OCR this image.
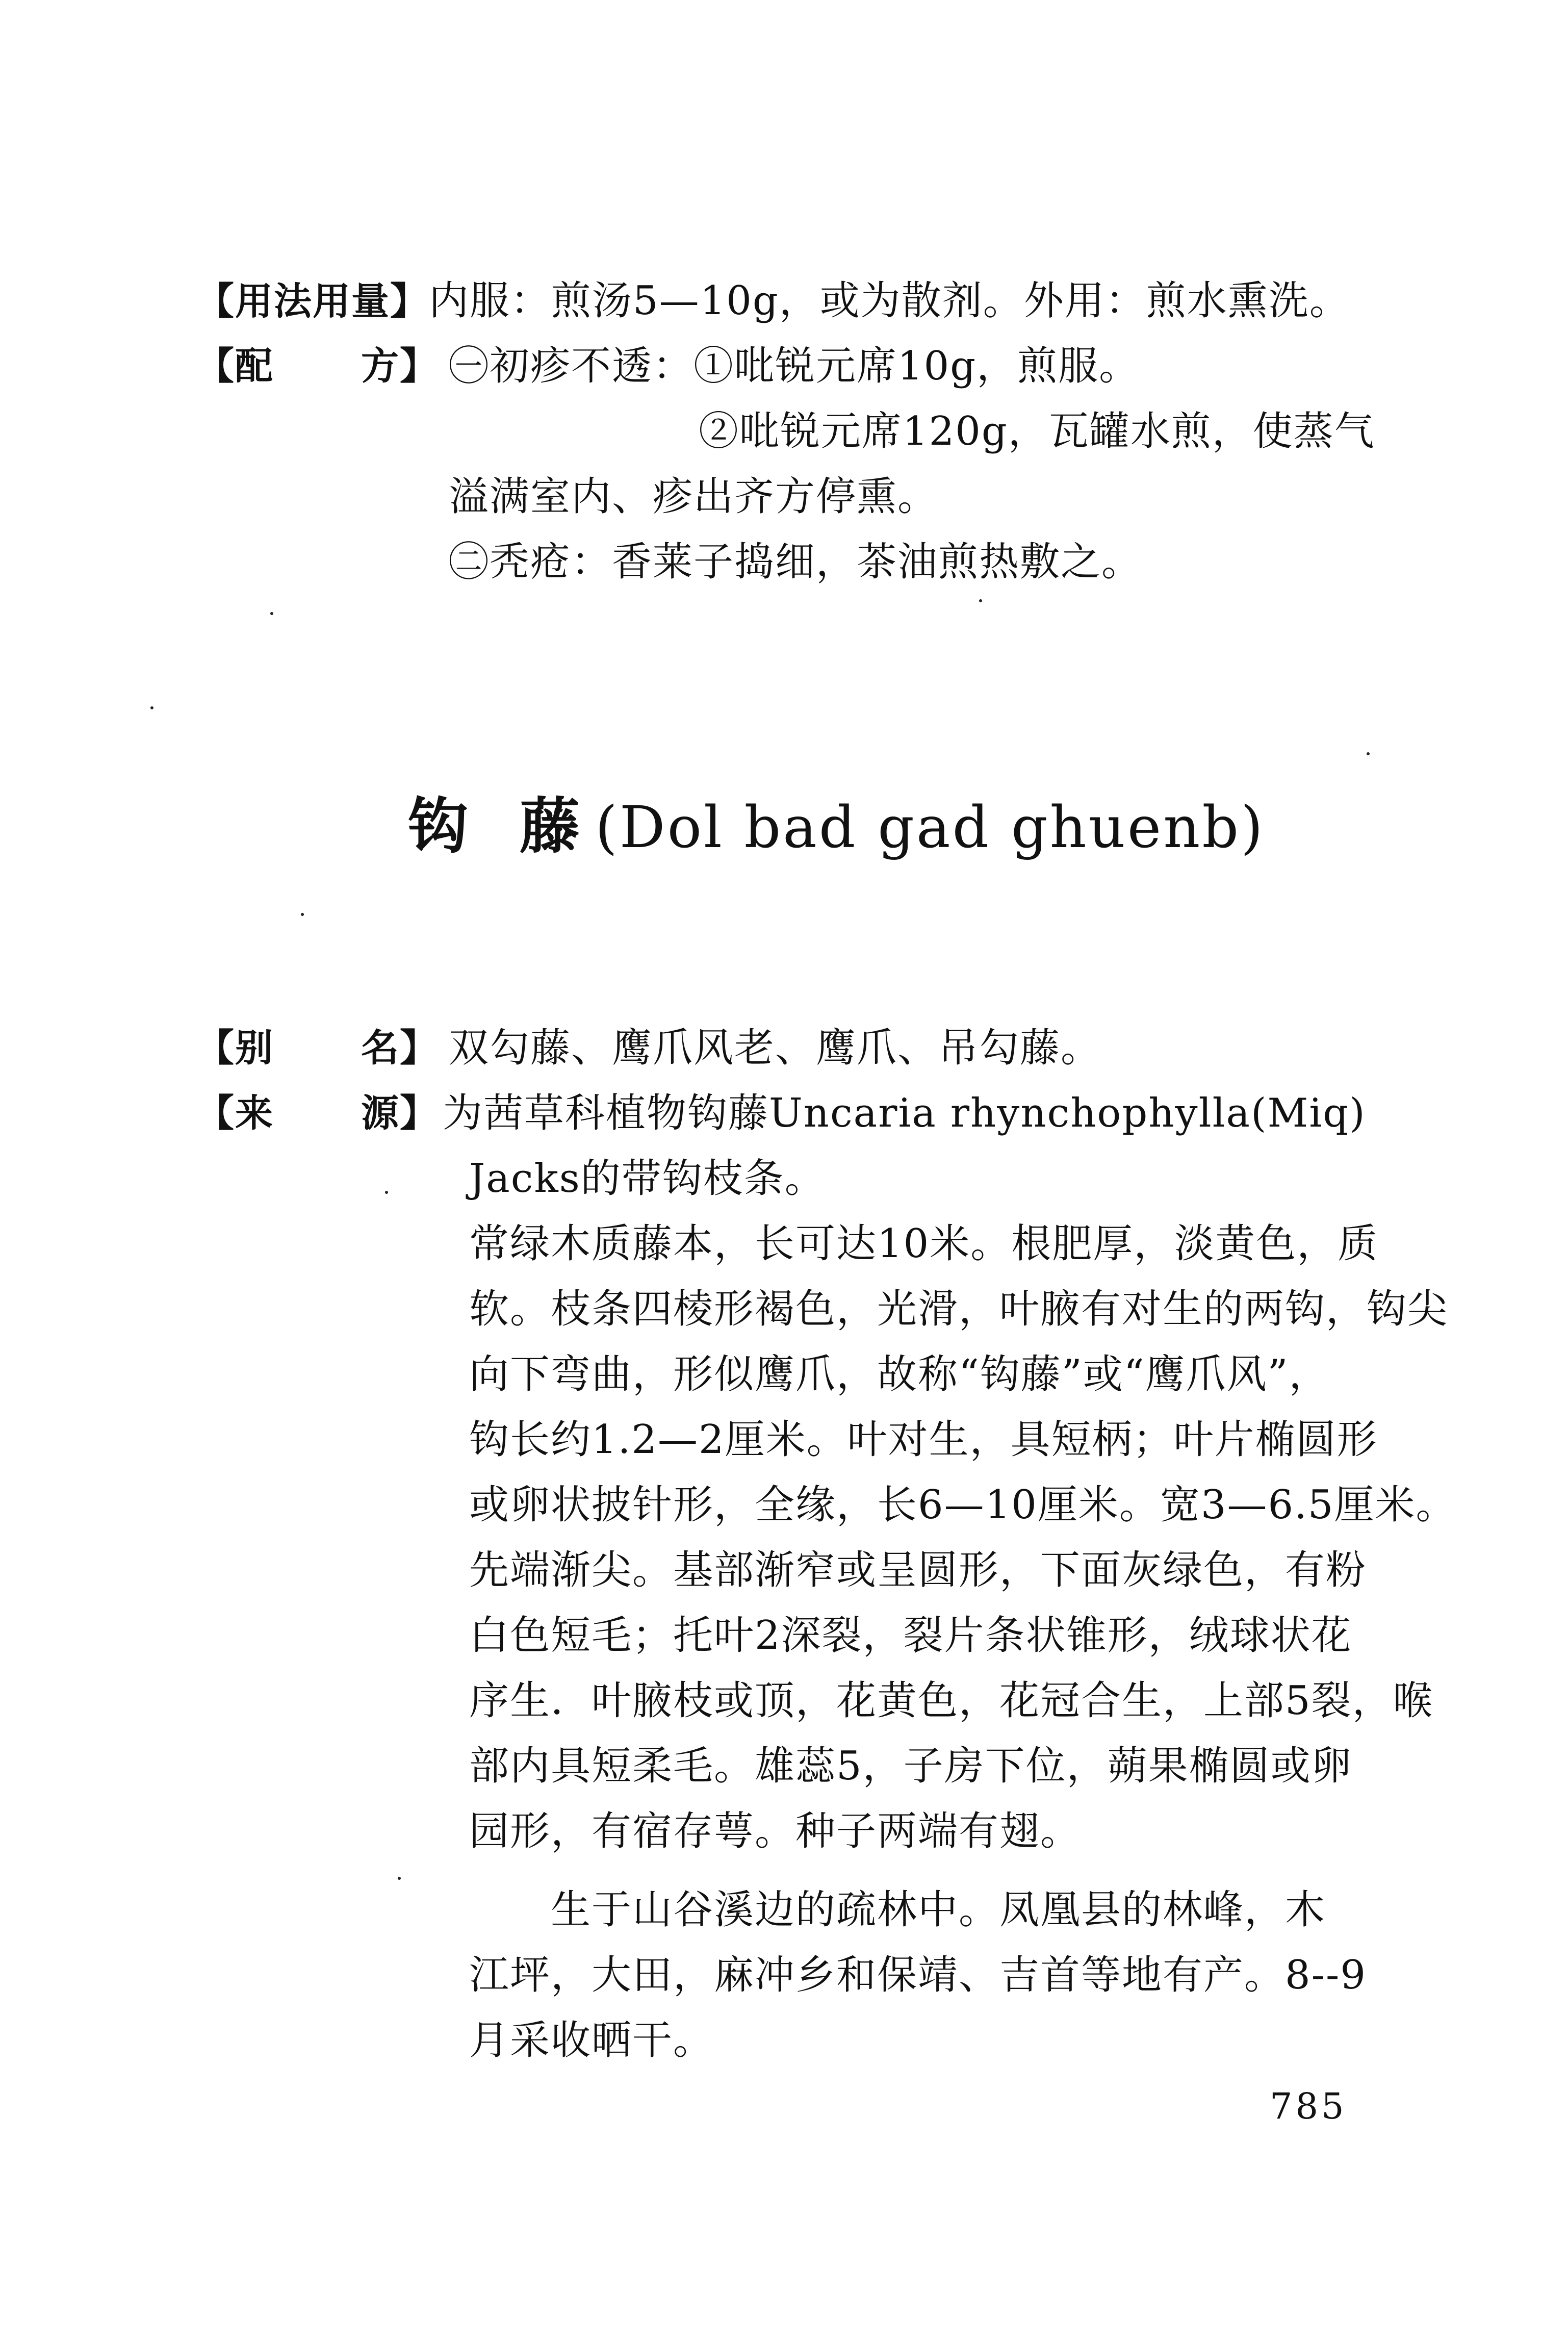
【用法用量】内服：煎汤5—10g，或为散剂。外用：煎水熏洗。
【配 方】 ㊀初疹不透：①吡锐元席10g，煎服。
②吡锐元席120g，瓦罐水煎，使蒸气
溢满室内、疹出齐方停熏。
㊁秃疮：香莱子捣细，茶油煎热敷之。
钩 藤(Dol bad gad ghuenb)
【别 名】 双勾藤、鹰爪风老、鹰爪、吊勾藤。
【来 源】 为茜草科植物钩藤Uncaria rhynchophylla(Miq)
Jacks的带钩枝条。
常绿木质藤本，长可达10米。根肥厚，淡黄色，质
软。枝条四棱形褐色，光滑，叶腋有对生的两钩，钩尖
向下弯曲，形似鹰爪，故称“钩藤”或“鹰爪风”，
钩长约1.2—2厘米。叶对生，具短柄；叶片椭圆形
或卵状披针形，全缘，长6—10厘米。宽3—6.5厘米。
先端渐尖。基部渐窄或呈圆形，下面灰绿色，有粉
白色短毛；托叶2深裂，裂片条状锥形，绒球状花
序生．叶腋枝或顶，花黄色，花冠合生，上部5裂，喉
部内具短柔毛。雄蕊5，子房下位，蒴果椭圆或卵
园形，有宿存萼。种子两端有翅。
生于山谷溪边的疏林中。凤凰县的林峰，木
江坪，大田，麻冲乡和保靖、吉首等地有产。8--9
月采收晒干。
785
